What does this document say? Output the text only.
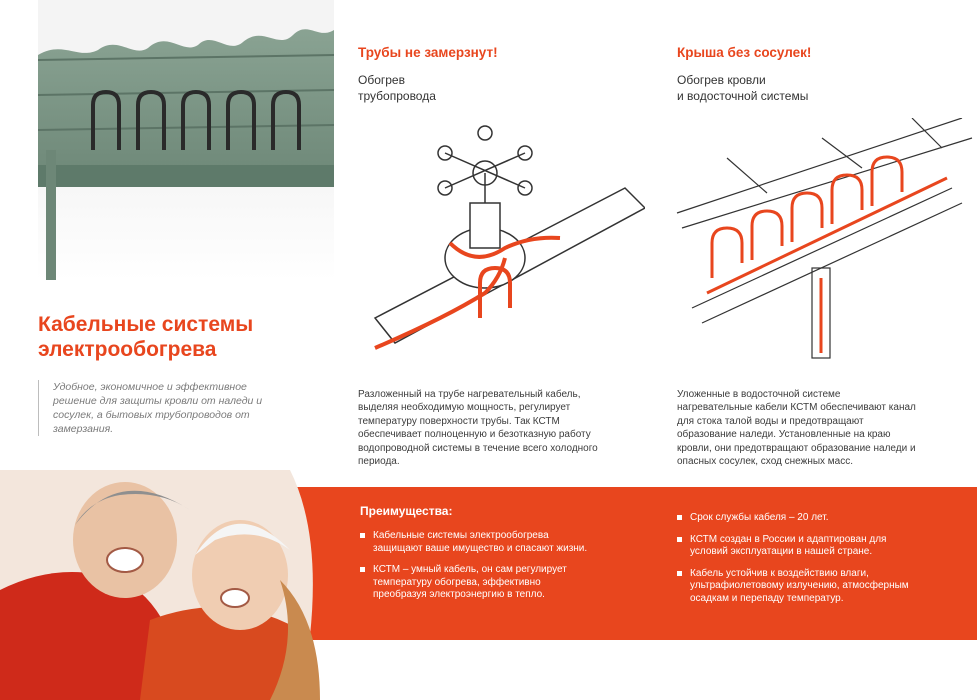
Кабельные системы
электрообогрева
Удобное, экономичное и эффективное решение для защиты кровли от наледи и сосулек, а бытовых трубопроводов от замерзания.
Трубы не замерзнут!
Обогрев
трубопровода
Разложенный на трубе нагревательный кабель, выделяя необходимую мощность, регулирует температуру поверхности трубы. Так КСТМ обеспечивает полноценную и безотказную работу водопроводной системы в течение всего холодного периода.
Крыша без сосулек!
Обогрев кровли
и водосточной системы
Уложенные в водосточной системе нагревательные кабели КСТМ обеспечивают канал для стока талой воды и предотвращают образование наледи. Установленные на краю кровли, они предотвращают образование наледи и опасных сосулек, сход снежных масс.
Преимущества:
Кабельные системы электрообогрева защищают ваше имущество и спасают жизни.
КСТМ – умный кабель, он сам регулирует температуру обогрева, эффективно преобразуя электроэнергию в тепло.
Срок службы кабеля – 20 лет.
КСТМ создан в России и адаптирован для условий эксплуатации в нашей стране.
Кабель устойчив к воздействию влаги, ультрафиолетовому излучению, атмосферным осадкам и перепаду температур.
